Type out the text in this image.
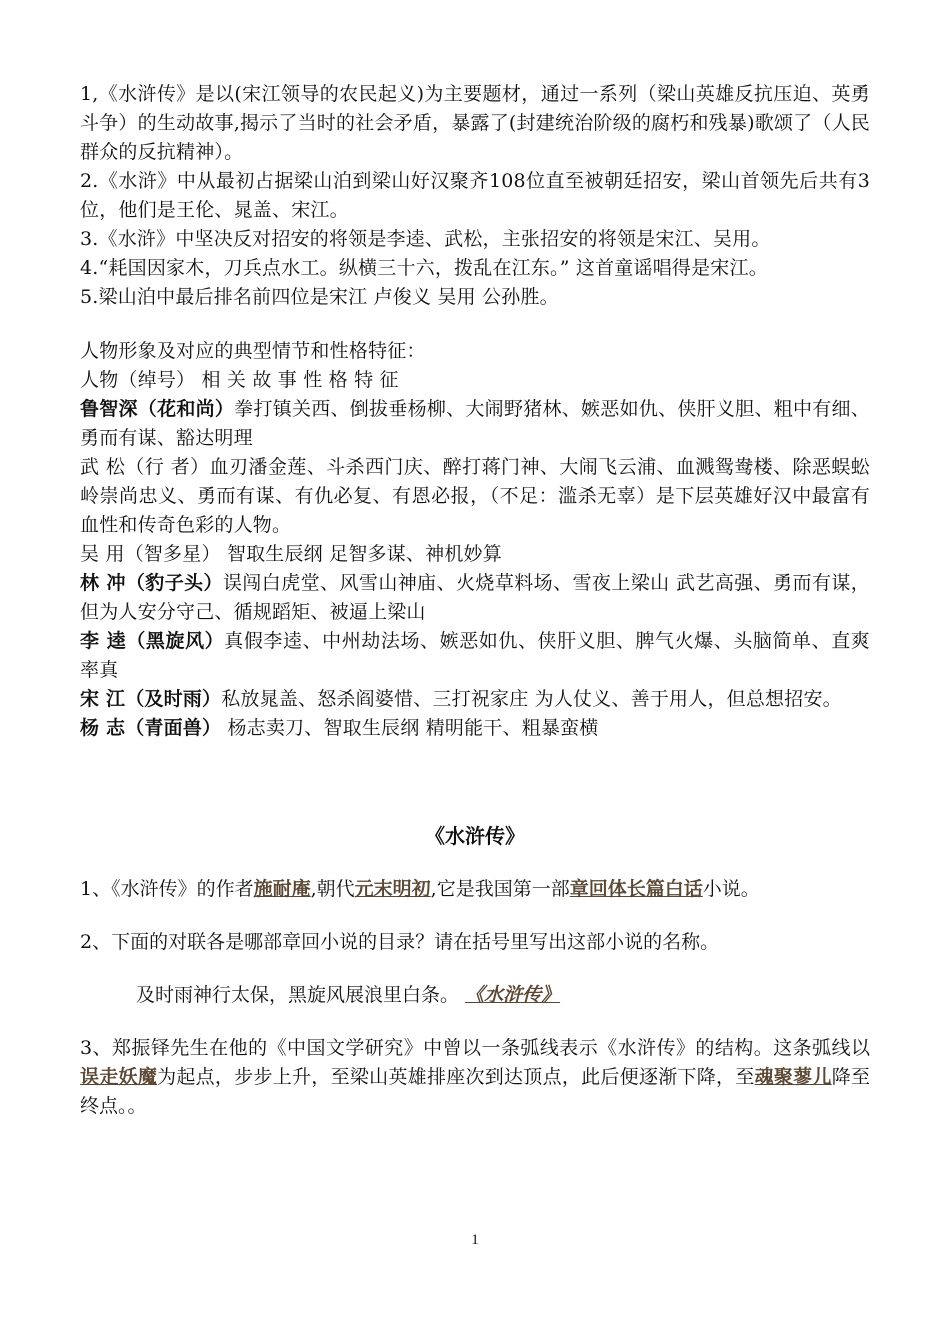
1,《水浒传》是以(宋江领导的农民起义)为主要题材，通过一系列（梁山英雄反抗压迫、英勇斗争）的生动故事,揭示了当时的社会矛盾，暴露了(封建统治阶级的腐朽和残暴)歌颂了（人民群众的反抗精神）。
2.《水浒》中从最初占据梁山泊到梁山好汉聚齐108位直至被朝廷招安，梁山首领先后共有3位，他们是王伦、晁盖、宋江。
3.《水浒》中坚决反对招安的将领是李逵、武松，主张招安的将领是宋江、吴用。
4.“耗国因家木，刀兵点水工。纵横三十六，拨乱在江东。” 这首童谣唱得是宋江。
5.梁山泊中最后排名前四位是宋江 卢俊义 吴用 公孙胜。
人物形象及对应的典型情节和性格特征：
人物（绰号） 相 关 故 事 性 格 特 征
鲁智深（花和尚）拳打镇关西、倒拔垂杨柳、大闹野猪林、嫉恶如仇、侠肝义胆、粗中有细、勇而有谋、豁达明理
武 松（行 者）血刃潘金莲、斗杀西门庆、醉打蒋门神、大闹飞云浦、血溅鸳鸯楼、除恶蜈蚣岭崇尚忠义、勇而有谋、有仇必复、有恩必报，（不足：滥杀无辜）是下层英雄好汉中最富有血性和传奇色彩的人物。
吴 用（智多星） 智取生辰纲 足智多谋、神机妙算
林 冲（豹子头）误闯白虎堂、风雪山神庙、火烧草料场、雪夜上梁山 武艺高强、勇而有谋，但为人安分守己、循规蹈矩、被逼上梁山
李 逵（黑旋风）真假李逵、中州劫法场、嫉恶如仇、侠肝义胆、脾气火爆、头脑简单、直爽率真
宋 江（及时雨）私放晁盖、怒杀阎婆惜、三打祝家庄 为人仗义、善于用人，但总想招安。
杨 志（青面兽） 杨志卖刀、智取生辰纲 精明能干、粗暴蛮横
《水浒传》
1、《水浒传》的作者施耐庵,朝代元末明初,它是我国第一部章回体长篇白话小说。
2、下面的对联各是哪部章回小说的目录？请在括号里写出这部小说的名称。
及时雨神行太保，黑旋风展浪里白条。 《水浒传》
3、郑振铎先生在他的《中国文学研究》中曾以一条弧线表示《水浒传》的结构。这条弧线以误走妖魔为起点，步步上升，至梁山英雄排座次到达顶点，此后便逐渐下降，至魂聚蓼儿降至终点。。
1
